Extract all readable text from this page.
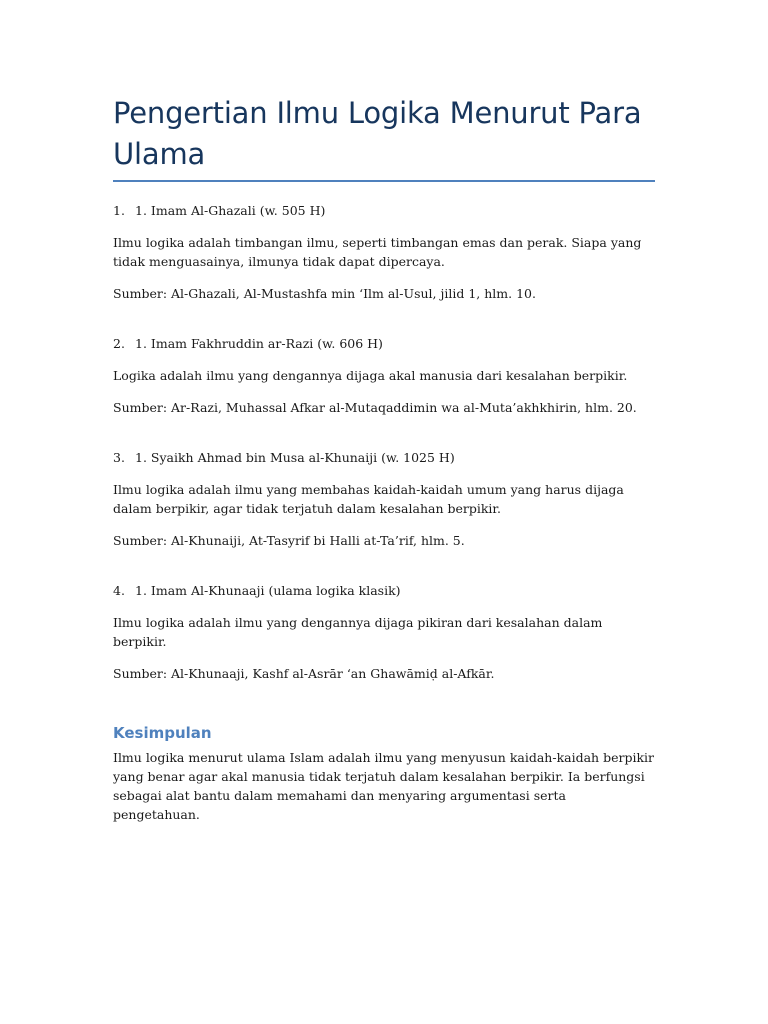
Pengertian Ilmu Logika Menurut Para Ulama
1. 1. Imam Al-Ghazali (w. 505 H)

Ilmu logika adalah timbangan ilmu, seperti timbangan emas dan perak. Siapa yang tidak menguasainya, ilmunya tidak dapat dipercaya.

Sumber: Al-Ghazali, Al-Mustashfa min ‘Ilm al-Usul, jilid 1, hlm. 10.

2. 1. Imam Fakhruddin ar-Razi (w. 606 H)

Logika adalah ilmu yang dengannya dijaga akal manusia dari kesalahan berpikir.

Sumber: Ar-Razi, Muhassal Afkar al-Mutaqaddimin wa al-Muta’akhkhirin, hlm. 20.

3. 1. Syaikh Ahmad bin Musa al-Khunaiji (w. 1025 H)

Ilmu logika adalah ilmu yang membahas kaidah-kaidah umum yang harus dijaga dalam berpikir, agar tidak terjatuh dalam kesalahan berpikir.

Sumber: Al-Khunaiji, At-Tasyrif bi Halli at-Ta’rif, hlm. 5.

4. 1. Imam Al-Khunaaji (ulama logika klasik)

Ilmu logika adalah ilmu yang dengannya dijaga pikiran dari kesalahan dalam berpikir.

Sumber: Al-Khunaaji, Kashf al-Asrār ‘an Ghawāmiḍ al-Afkār.

Kesimpulan

Ilmu logika menurut ulama Islam adalah ilmu yang menyusun kaidah-kaidah berpikir yang benar agar akal manusia tidak terjatuh dalam kesalahan berpikir. Ia berfungsi sebagai alat bantu dalam memahami dan menyaring argumentasi serta pengetahuan.
